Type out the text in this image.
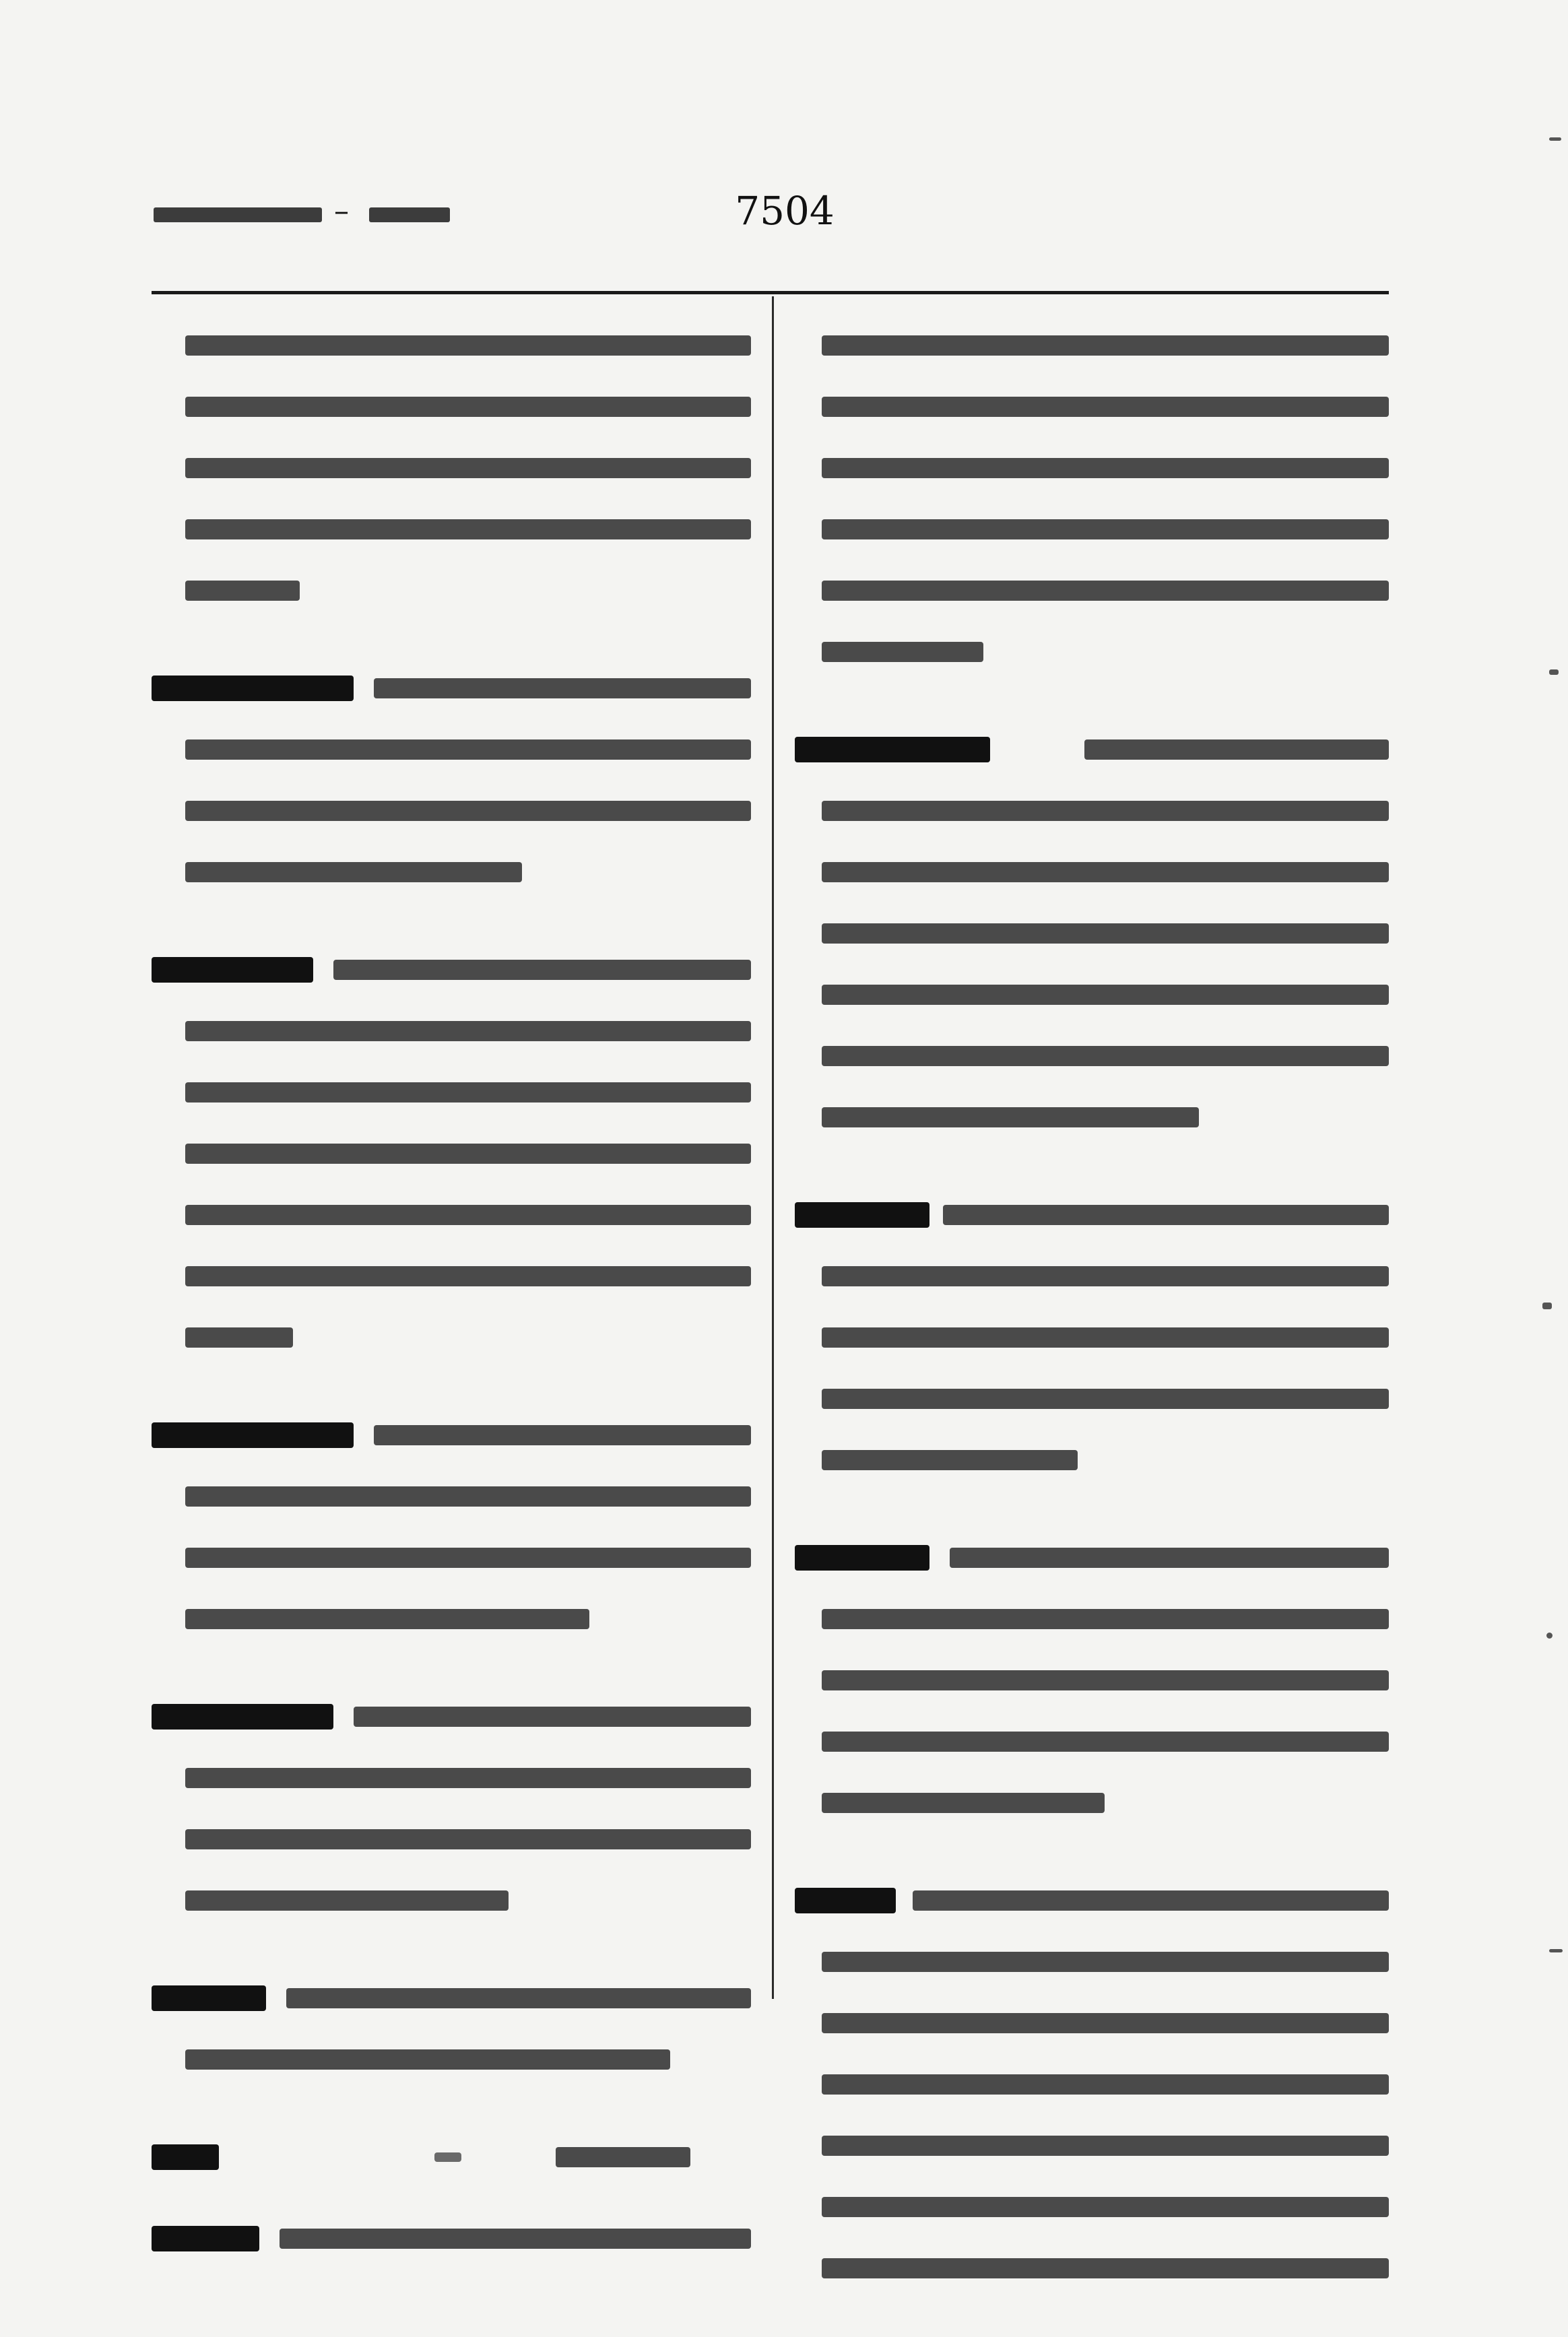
–	7504
